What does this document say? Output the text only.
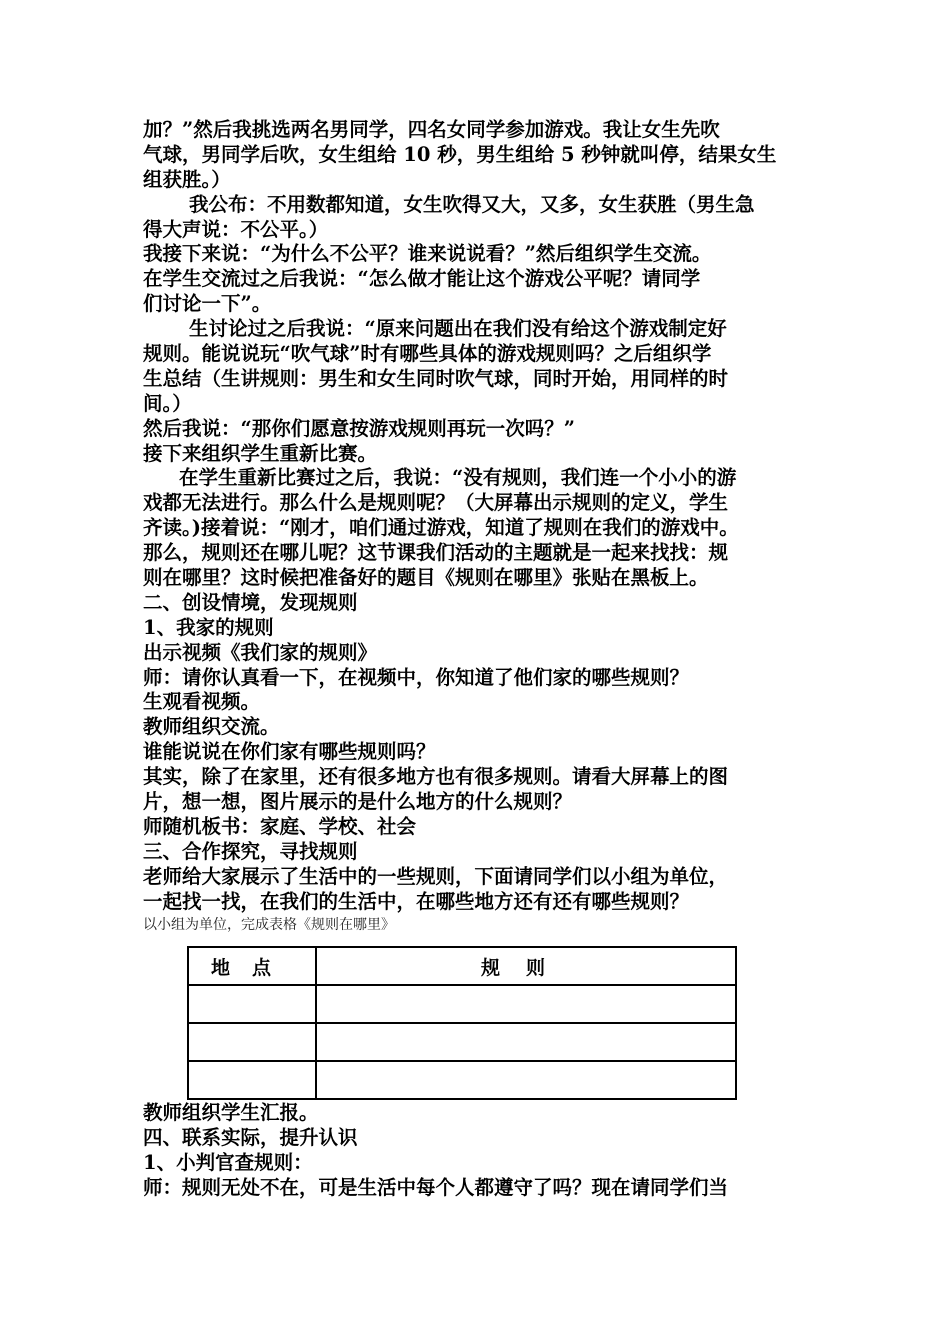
加？”然后我挑选两名男同学，四名女同学参加游戏。我让女生先吹
气球，男同学后吹，女生组给 10 秒，男生组给 5 秒钟就叫停，结果女生
组获胜。）
我公布：不用数都知道，女生吹得又大，又多，女生获胜（男生急
得大声说：不公平。）
我接下来说：“为什么不公平？谁来说说看？”然后组织学生交流。
在学生交流过之后我说：“怎么做才能让这个游戏公平呢？请同学
们讨论一下”。
生讨论过之后我说：“原来问题出在我们没有给这个游戏制定好
规则。能说说玩“吹气球”时有哪些具体的游戏规则吗？之后组织学
生总结（生讲规则：男生和女生同时吹气球，同时开始，用同样的时
间。）
然后我说：“那你们愿意按游戏规则再玩一次吗？”
接下来组织学生重新比赛。
在学生重新比赛过之后，我说：“没有规则，我们连一个小小的游
戏都无法进行。那么什么是规则呢？（大屏幕出示规则的定义，学生
齐读。)接着说：“刚才，咱们通过游戏，知道了规则在我们的游戏中。
那么，规则还在哪儿呢？这节课我们活动的主题就是一起来找找：规
则在哪里？这时候把准备好的题目《规则在哪里》张贴在黑板上。
二、创设情境，发现规则
1、我家的规则
出示视频《我们家的规则》
师：请你认真看一下，在视频中，你知道了他们家的哪些规则？
生观看视频。
教师组织交流。
谁能说说在你们家有哪些规则吗？
其实，除了在家里，还有很多地方也有很多规则。请看大屏幕上的图
片，想一想，图片展示的是什么地方的什么规则？
师随机板书：家庭、学校、社会
三、合作探究，寻找规则
老师给大家展示了生活中的一些规则，下面请同学们以小组为单位，
一起找一找，在我们的生活中，在哪些地方还有还有哪些规则？
以小组为单位，完成表格《规则在哪里》
地点	规则

教师组织学生汇报。
四、联系实际，提升认识
1、小判官查规则：
师：规则无处不在，可是生活中每个人都遵守了吗？现在请同学们当
